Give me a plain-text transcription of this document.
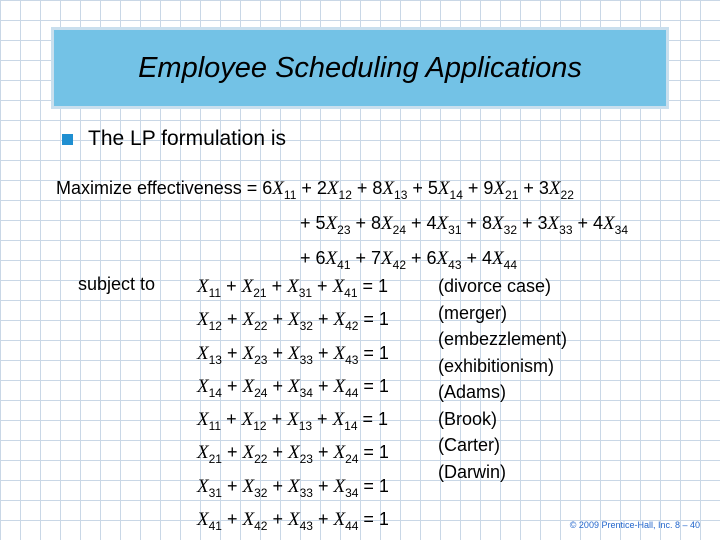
Employee Scheduling Applications
The LP formulation is
Maximize effectiveness = $6X_{11} + 2X_{12} + 8X_{13} + 5X_{14} + 9X_{21} + 3X_{22}$
+ $5X_{23} + 8X_{24} + 4X_{31} + 8X_{32} + 3X_{33} + 4X_{34}$
+ $6X_{41} + 7X_{42} + 6X_{43} + 4X_{44}$
subject to $X_{11} + X_{21} + X_{31} + X_{41} = 1$
$X_{12} + X_{22} + X_{32} + X_{42} = 1$
$X_{13} + X_{23} + X_{33} + X_{43} = 1$
$X_{14} + X_{24} + X_{34} + X_{44} = 1$
$X_{11} + X_{12} + X_{13} + X_{14} = 1$
$X_{21} + X_{22} + X_{23} + X_{24} = 1$
$X_{31} + X_{32} + X_{33} + X_{34} = 1$
$X_{41} + X_{42} + X_{43} + X_{44} = 1$
(divorce case)
(merger)
(embezzlement)
(exhibitionism)
(Adams)
(Brook)
(Carter)
(Darwin)
© 2009 Prentice-Hall, Inc. 8 – 40
